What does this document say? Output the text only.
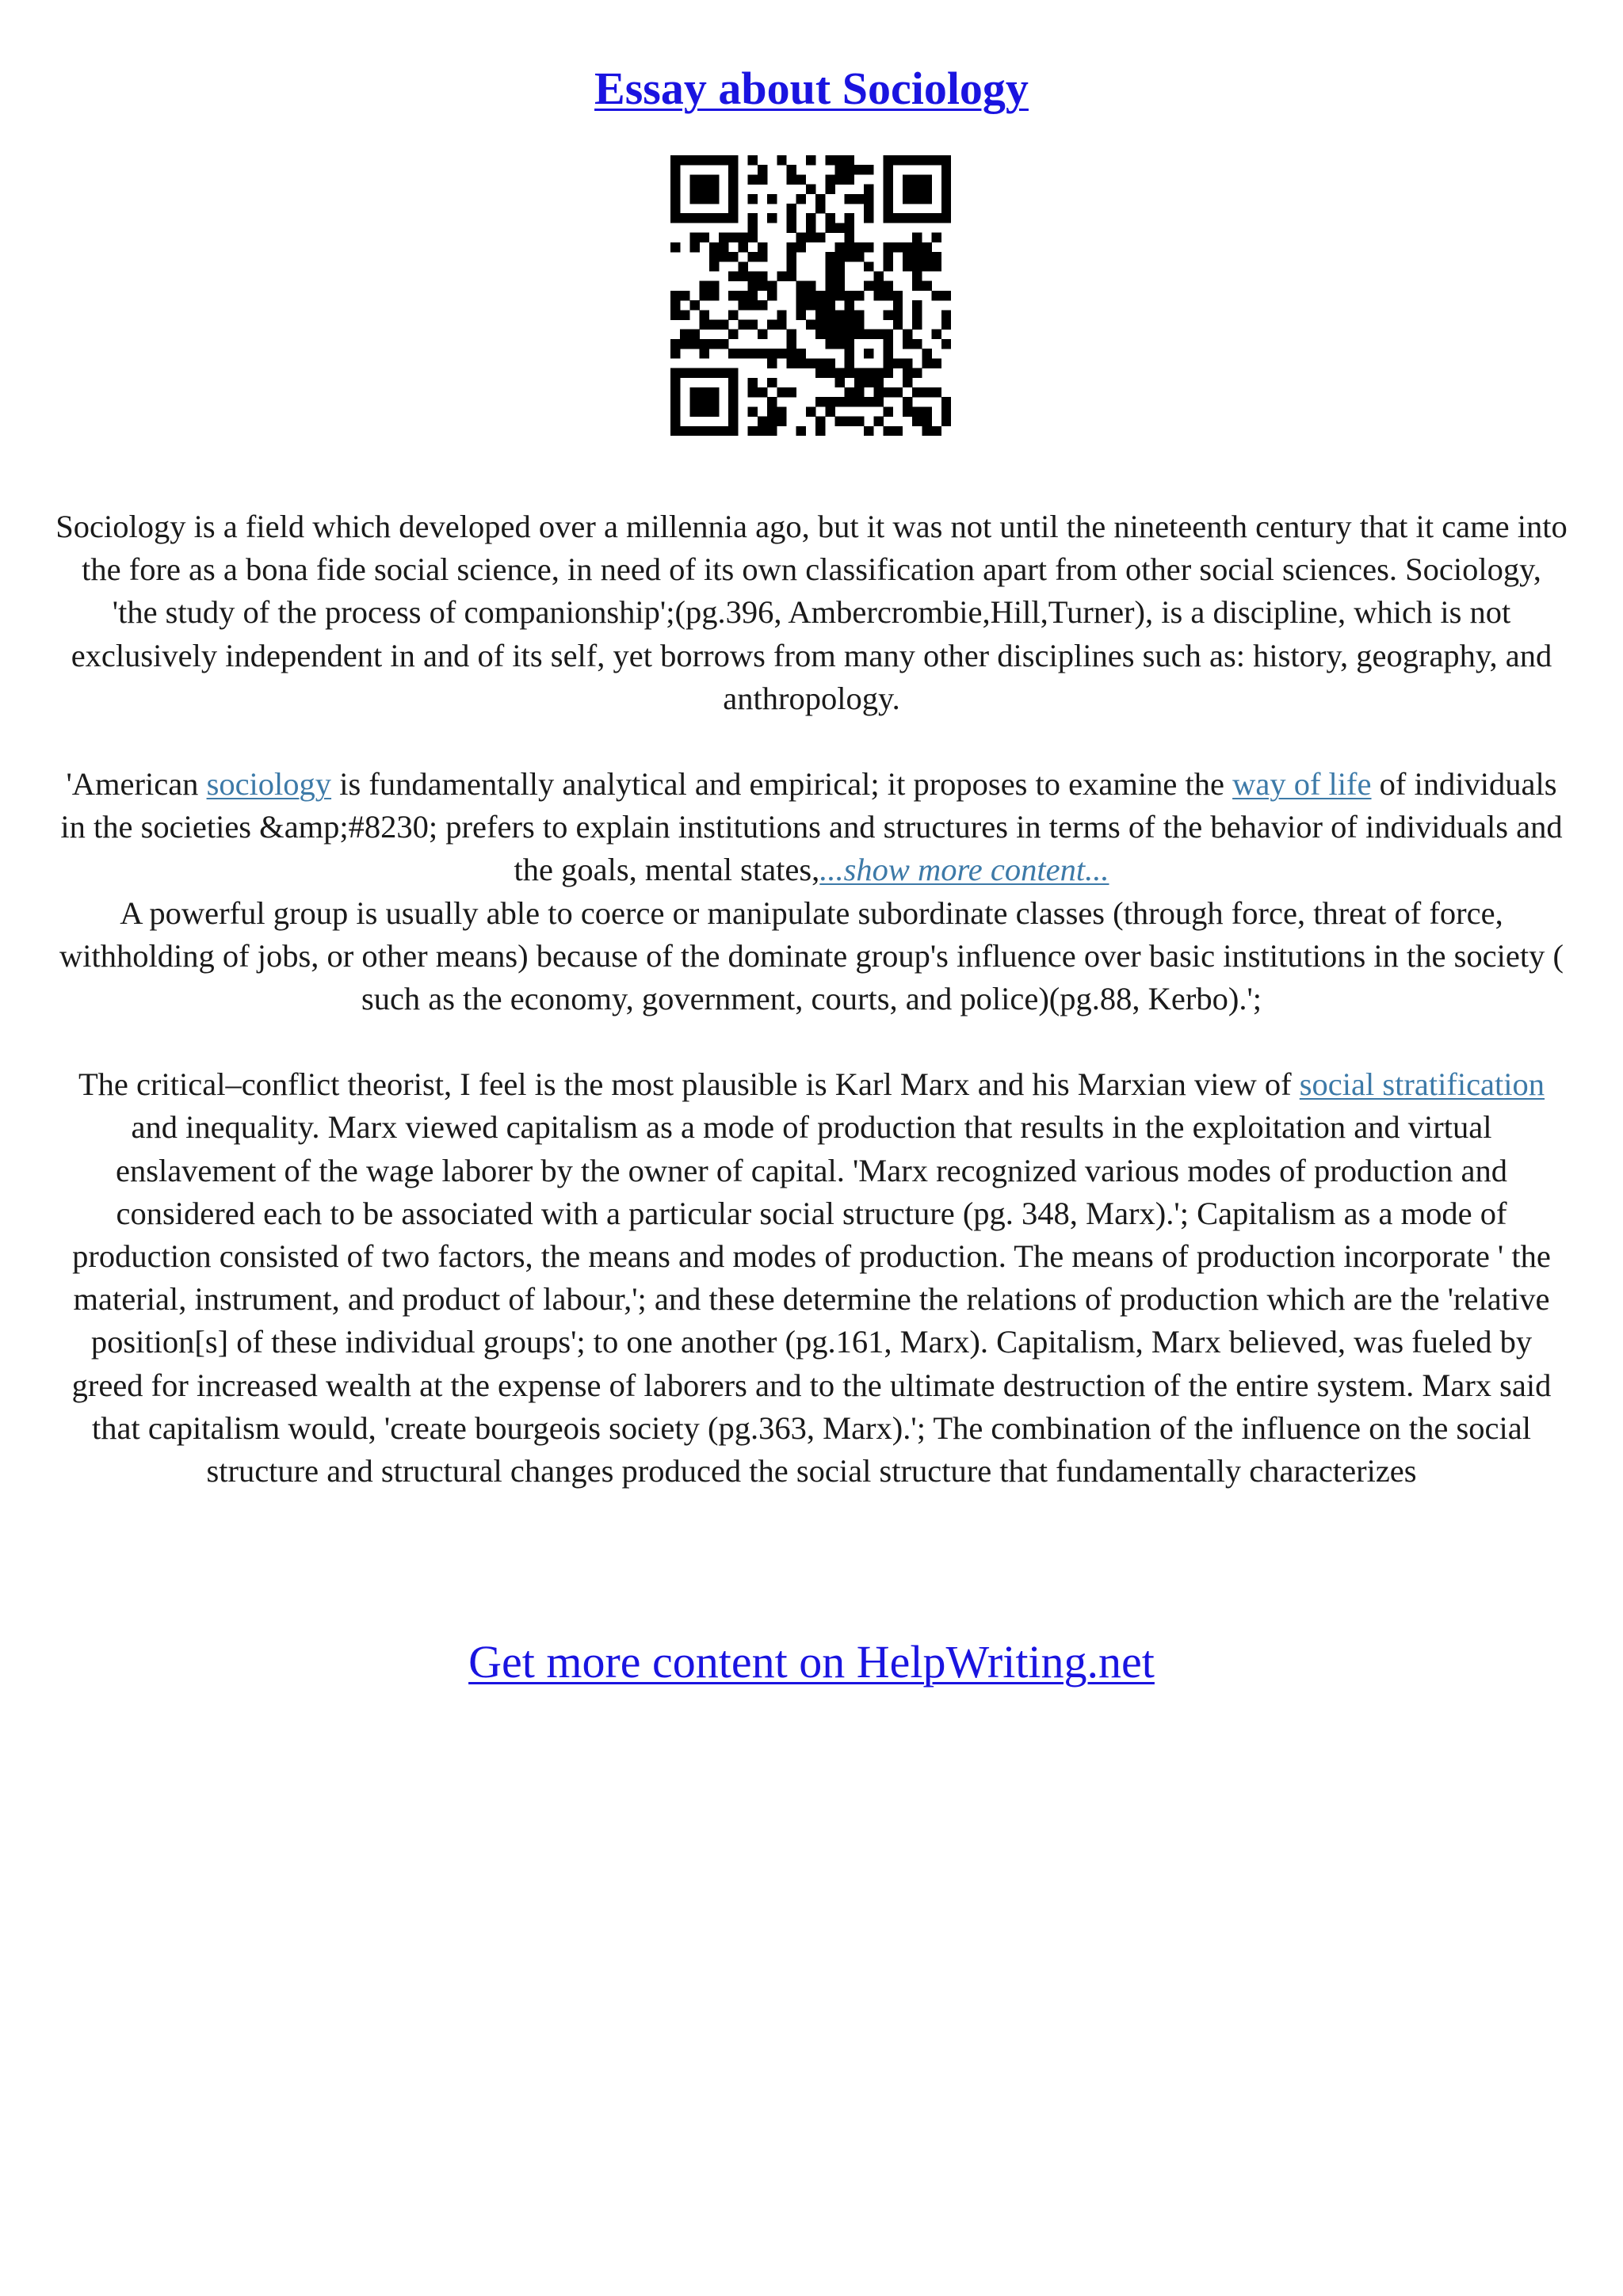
Essay about Sociology

Sociology is a field which developed over a millennia ago, but it was not until the nineteenth century that it came into the fore as a bona fide social science, in need of its own classification apart from other social sciences. Sociology, 'the study of the process of companionship';(pg.396, Ambercrombie,Hill,Turner), is a discipline, which is not exclusively independent in and of its self, yet borrows from many other disciplines such as: history, geography, and anthropology.

'American sociology is fundamentally analytical and empirical; it proposes to examine the way of life of individuals in the societies &amp;#8230; prefers to explain institutions and structures in terms of the behavior of individuals and the goals, mental states,...show more content...

A powerful group is usually able to coerce or manipulate subordinate classes (through force, threat of force, withholding of jobs, or other means) because of the dominate group's influence over basic institutions in the society ( such as the economy, government, courts, and police)(pg.88, Kerbo).';

The critical–conflict theorist, I feel is the most plausible is Karl Marx and his Marxian view of social stratification and inequality. Marx viewed capitalism as a mode of production that results in the exploitation and virtual enslavement of the wage laborer by the owner of capital. 'Marx recognized various modes of production and considered each to be associated with a particular social structure (pg. 348, Marx).'; Capitalism as a mode of production consisted of two factors, the means and modes of production. The means of production incorporate ' the material, instrument, and product of labour,'; and these determine the relations of production which are the 'relative position[s] of these individual groups'; to one another (pg.161, Marx). Capitalism, Marx believed, was fueled by greed for increased wealth at the expense of laborers and to the ultimate destruction of the entire system. Marx said that capitalism would, 'create bourgeois society (pg.363, Marx).'; The combination of the influence on the social structure and structural changes produced the social structure that fundamentally characterizes

Get more content on HelpWriting.net
